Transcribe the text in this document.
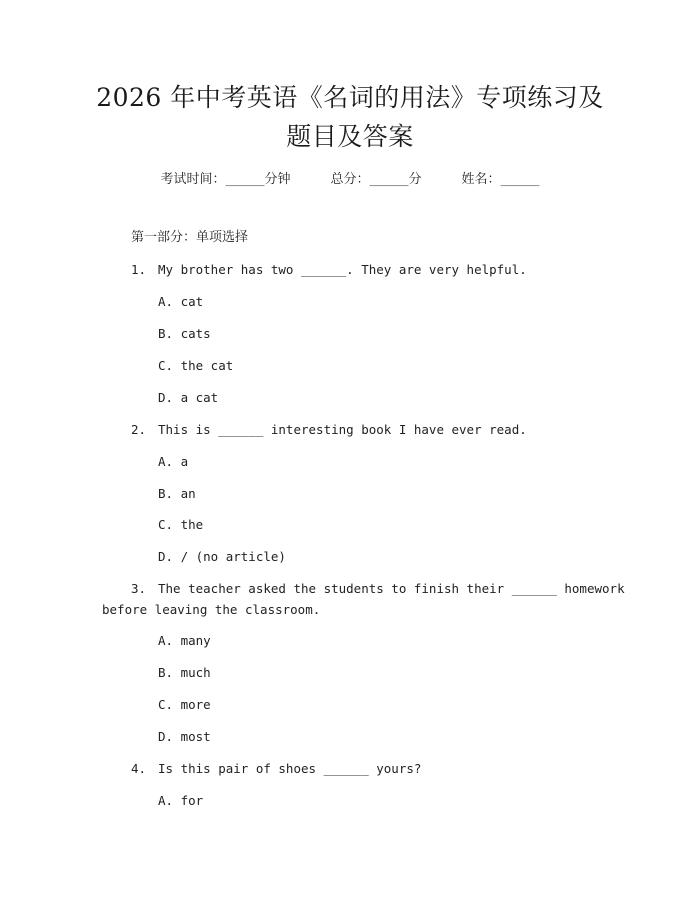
2026 年中考英语《名词的用法》专项练习及
题目及答案
考试时间：______分钟	总分：______分	姓名：______
第一部分：单项选择
1. My brother has two ______. They are very helpful.
A. cat
B. cats
C. the cat
D. a cat
2. This is ______ interesting book I have ever read.
A. a
B. an
C. the
D. / (no article)
3. The teacher asked the students to finish their ______ homework
before leaving the classroom.
A. many
B. much
C. more
D. most
4. Is this pair of shoes ______ yours?
A. for
